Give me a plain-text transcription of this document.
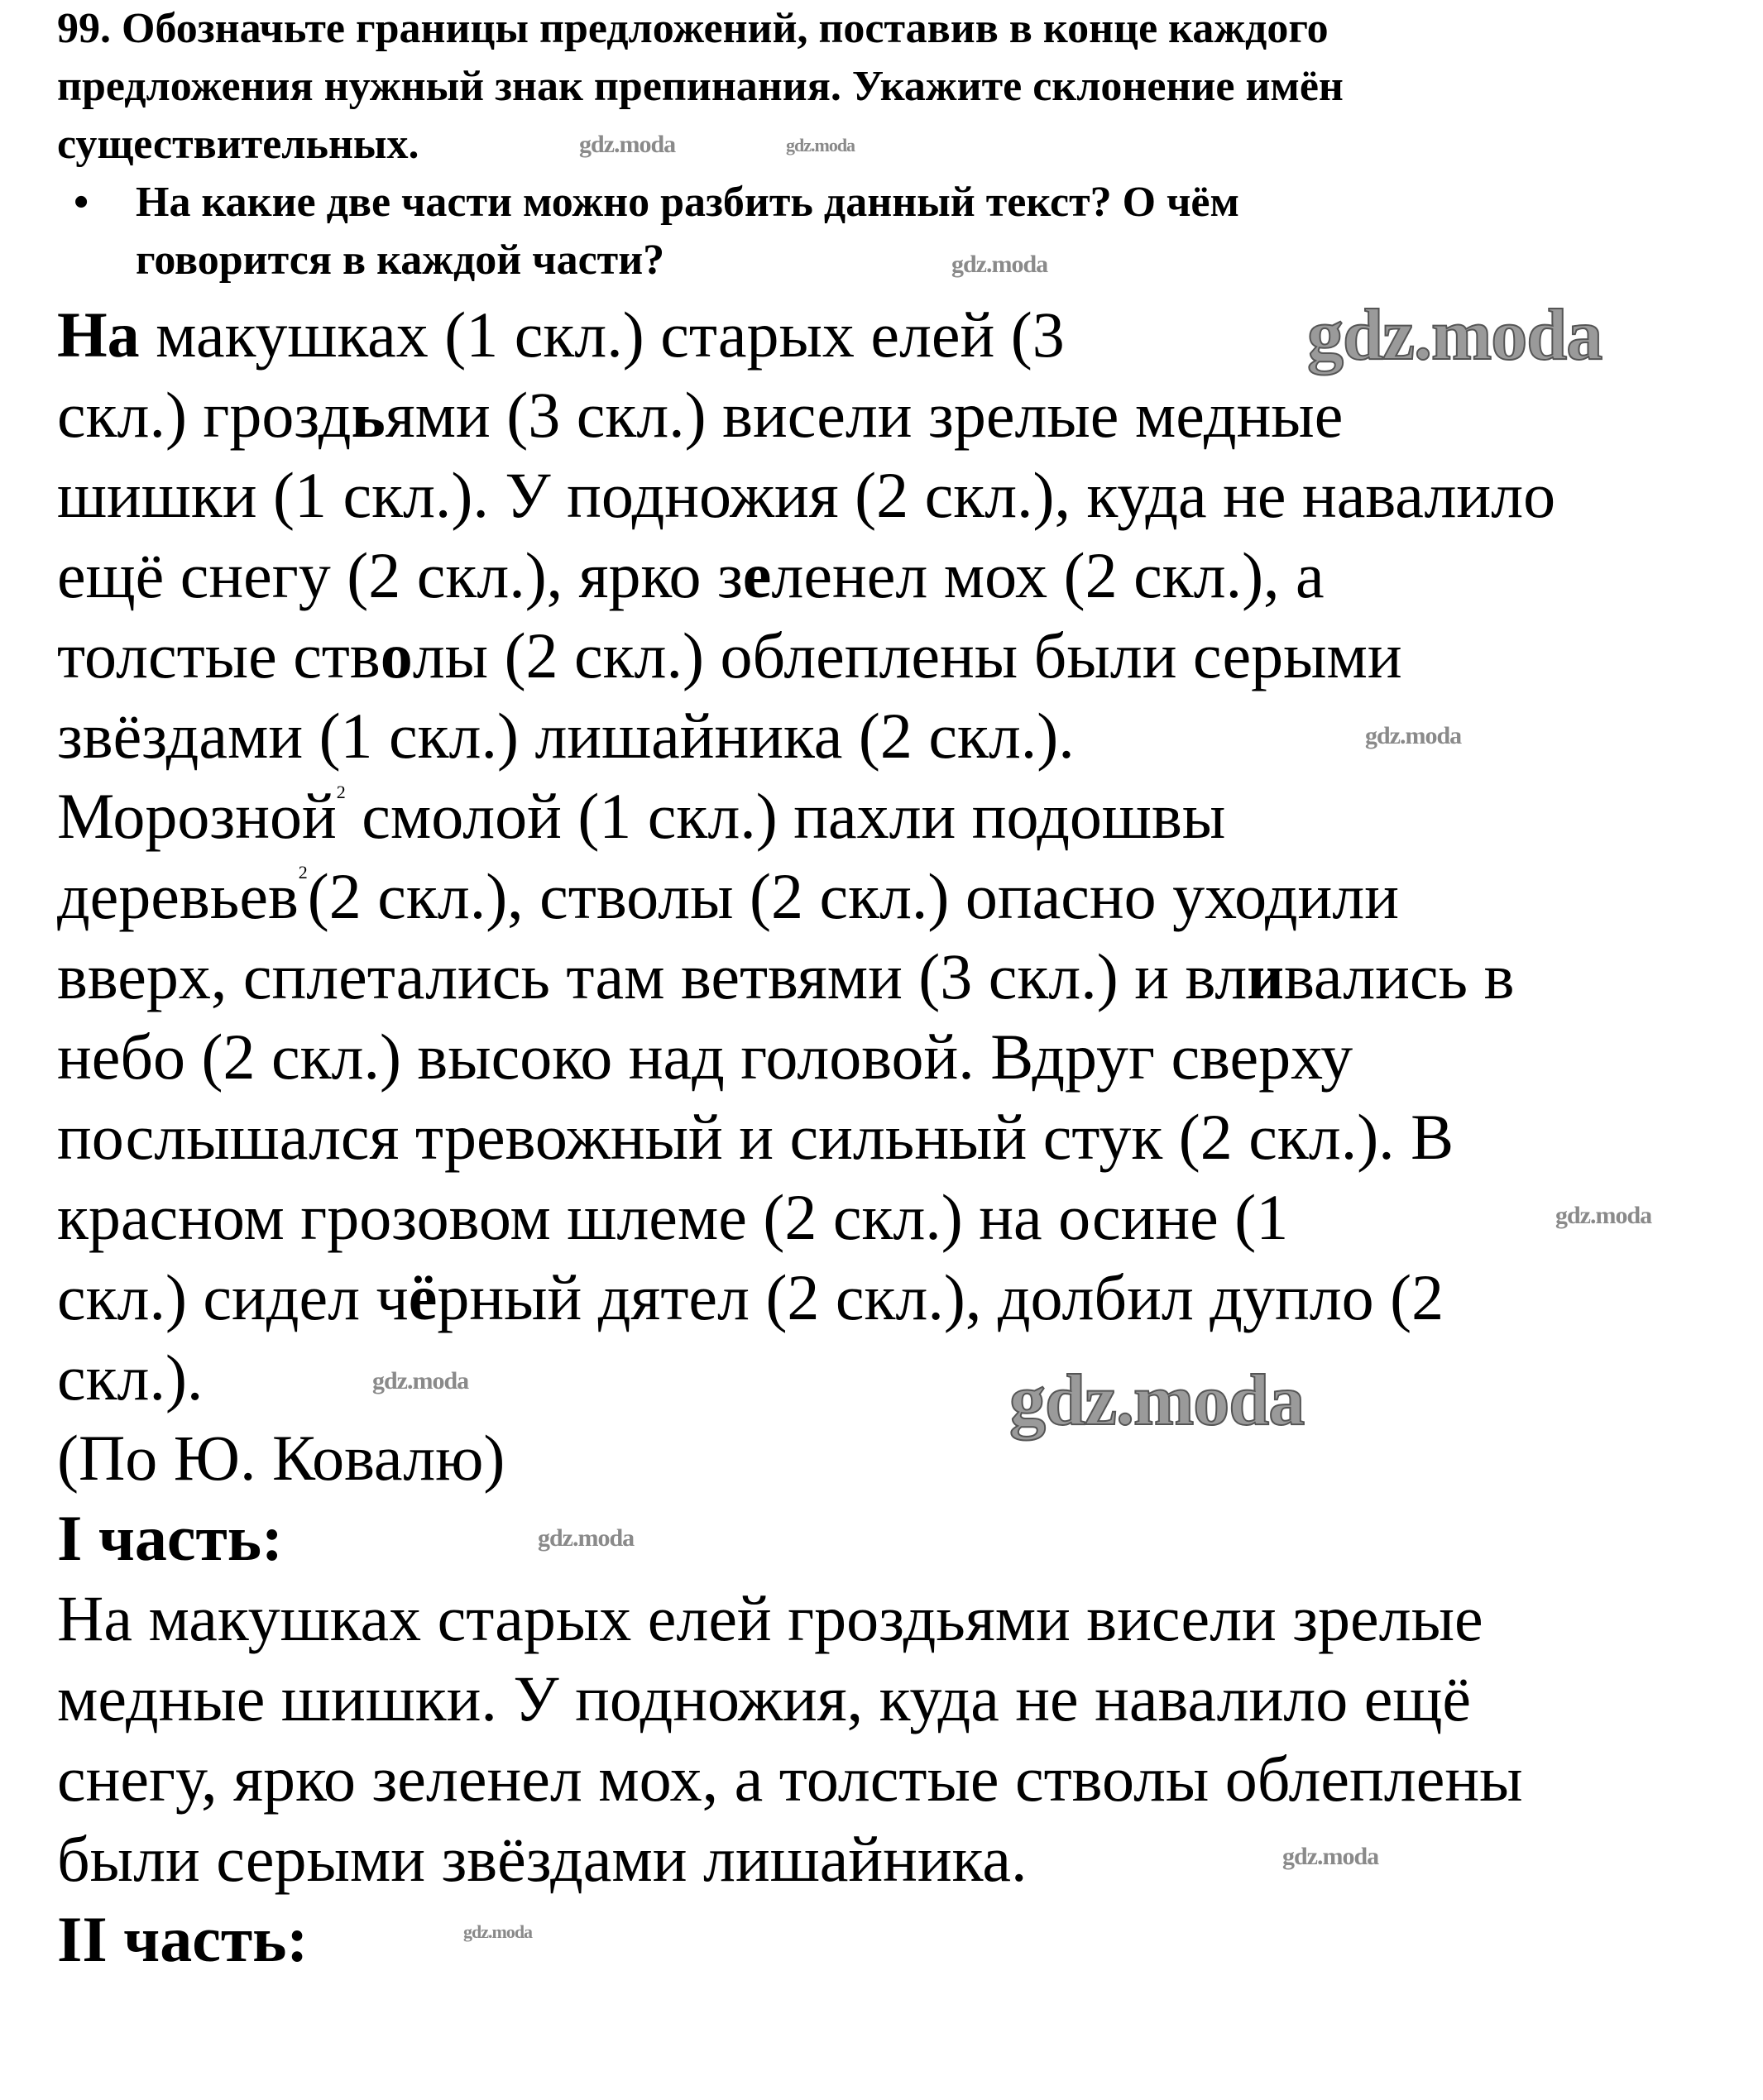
99. Обозначьте границы предложений, поставив в конце каждого
предложения нужный знак препинания. Укажите склонение имён
существительных.
• На какие две части можно разбить данный текст? О чём
говорится в каждой части?
На макушках (1 скл.) старых елей (3
скл.) гроздьями (3 скл.) висели зрелые медные
шишки (1 скл.). У подножия (2 скл.), куда не навалило
ещё снегу (2 скл.), ярко зеленел мох (2 скл.), а
толстые стволы (2 скл.) облеплены были серыми
звёздами (1 скл.) лишайника (2 скл.).
Морозной$^2$ смолой (1 скл.) пахли подошвы
деревьев$^2$(2 скл.), стволы (2 скл.) опасно уходили
вверх, сплетались там ветвями (3 скл.) и вливались в
небо (2 скл.) высоко над головой. Вдруг сверху
послышался тревожный и сильный стук (2 скл.). В
красном грозовом шлеме (2 скл.) на осине (1
скл.) сидел чёрный дятел (2 скл.), долбил дупло (2
скл.).
(По Ю. Ковалю)
I часть:
На макушках старых елей гроздьями висели зрелые
медные шишки. У подножия, куда не навалило ещё
снегу, ярко зеленел мох, а толстые стволы облеплены
были серыми звёздами лишайника.
II часть:
gdz.moda
gdz.moda
gdz.moda	gdz.moda
gdz.moda
gdz.moda
gdz.moda
gdz.moda
gdz.moda
gdz.moda
gdz.moda
